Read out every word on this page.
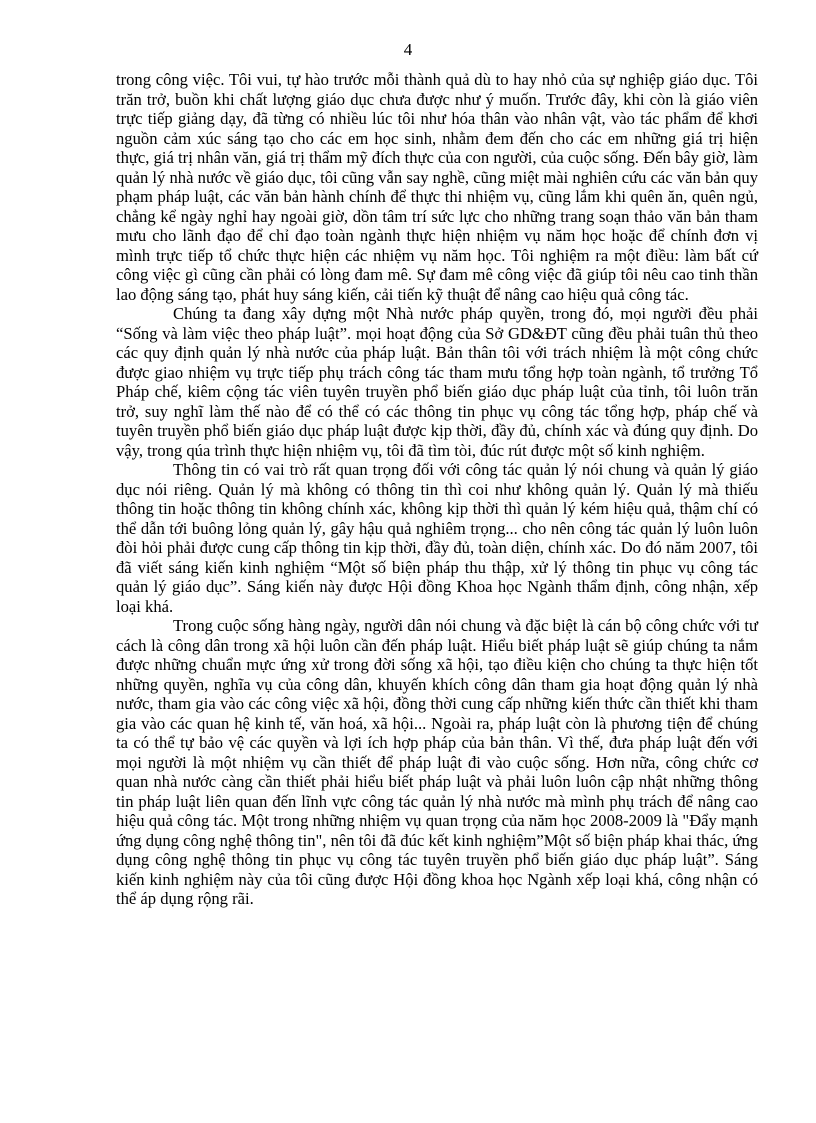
4

trong công việc. Tôi vui, tự hào trước mỗi thành quả dù to hay nhỏ của sự nghiệp giáo dục. Tôi trăn trở, buồn khi chất lượng giáo dục chưa được như ý muốn. Trước đây, khi còn là giáo viên trực tiếp giảng dạy, đã từng có nhiều lúc tôi như hóa thân vào nhân vật, vào tác phẩm để khơi nguồn cảm xúc sáng tạo cho các em học sinh, nhằm đem đến cho các em những giá trị hiện thực, giá trị nhân văn, giá trị thẩm mỹ đích thực của con người, của cuộc sống. Đến bây giờ, làm quản lý nhà nước về giáo dục, tôi cũng vẫn say nghề, cũng miệt mài nghiên cứu các văn bản quy phạm pháp luật, các văn bản hành chính để thực thi nhiệm vụ, cũng lắm khi quên ăn, quên ngủ, chẳng kể ngày nghỉ hay ngoài giờ, dồn tâm trí sức lực cho những trang soạn thảo văn bản tham mưu cho lãnh đạo để chỉ đạo toàn ngành thực hiện nhiệm vụ năm học hoặc để chính đơn vị mình trực tiếp tổ chức thực hiện các nhiệm vụ năm học. Tôi nghiệm ra một điều: làm bất cứ công việc gì cũng cần phải có lòng đam mê. Sự đam mê công việc đã giúp tôi nêu cao tinh thần lao động sáng tạo, phát huy sáng kiến, cải tiến kỹ thuật để nâng cao hiệu quả công tác.

Chúng ta đang xây dựng một Nhà nước pháp quyền, trong đó, mọi người đều phải “Sống và làm việc theo pháp luật”. mọi hoạt động của Sở GD&ĐT cũng đều phải tuân thủ theo các quy định quản lý nhà nước của pháp luật. Bản thân tôi với trách nhiệm là một công chức được giao nhiệm vụ trực tiếp phụ trách công tác tham mưu tổng hợp toàn ngành, tổ trưởng Tổ Pháp chế, kiêm cộng tác viên tuyên truyền phổ biến giáo dục pháp luật của tỉnh, tôi luôn trăn trở, suy nghĩ làm thế nào để có thể có các thông tin phục vụ công tác tổng hợp, pháp chế và tuyên truyền phổ biến giáo dục pháp luật được kịp thời, đầy đủ, chính xác và đúng quy định. Do vậy, trong qúa trình thực hiện nhiệm vụ, tôi đã tìm tòi, đúc rút được một số kinh nghiệm.

Thông tin có vai trò rất quan trọng đối với công tác quản lý nói chung và quản lý giáo dục nói riêng. Quản lý mà không có thông tin thì coi như không quản lý. Quản lý mà thiếu thông tin hoặc thông tin không chính xác, không kịp thời thì quản lý kém hiệu quả, thậm chí có thể dẫn tới buông lỏng quản lý, gây hậu quả nghiêm trọng... cho nên công tác quản lý luôn luôn đòi hỏi phải được cung cấp thông tin kịp thời, đầy đủ, toàn diện, chính xác. Do đó năm 2007, tôi đã viết sáng kiến kinh nghiệm “Một số biện pháp thu thập, xử lý thông tin phục vụ công tác quản lý giáo dục”. Sáng kiến này được Hội đồng Khoa học Ngành thẩm định, công nhận, xếp loại khá.

Trong cuộc sống hàng ngày, người dân nói chung và đặc biệt là cán bộ công chức với tư cách là công dân trong xã hội luôn cần đến pháp luật. Hiểu biết pháp luật sẽ giúp chúng ta nắm được những chuẩn mực ứng xử trong đời sống xã hội, tạo điều kiện cho chúng ta thực hiện tốt những quyền, nghĩa vụ của công dân, khuyến khích công dân tham gia hoạt động quản lý nhà nước, tham gia vào các công việc xã hội, đồng thời cung cấp những kiến thức cần thiết khi tham gia vào các quan hệ kinh tế, văn hoá, xã hội... Ngoài ra, pháp luật còn là phương tiện để chúng ta có thể tự bảo vệ các quyền và lợi ích hợp pháp của bản thân. Vì thế, đưa pháp luật đến với mọi người là một nhiệm vụ cần thiết để pháp luật đi vào cuộc sống. Hơn nữa, công chức cơ quan nhà nước càng cần thiết phải hiểu biết pháp luật và phải luôn luôn cập nhật những thông tin pháp luật liên quan đến lĩnh vực công tác quản lý nhà nước mà mình phụ trách để nâng cao hiệu quả công tác. Một trong những nhiệm vụ quan trọng của năm học 2008-2009 là "Đẩy mạnh ứng dụng công nghệ thông tin", nên tôi đã đúc kết kinh nghiệm”Một số biện pháp khai thác, ứng dụng công nghệ thông tin phục vụ công tác tuyên truyền phổ biến giáo dục pháp luật”. Sáng kiến kinh nghiệm này của tôi cũng được Hội đồng khoa học Ngành xếp loại khá, công nhận có thể áp dụng rộng rãi.
